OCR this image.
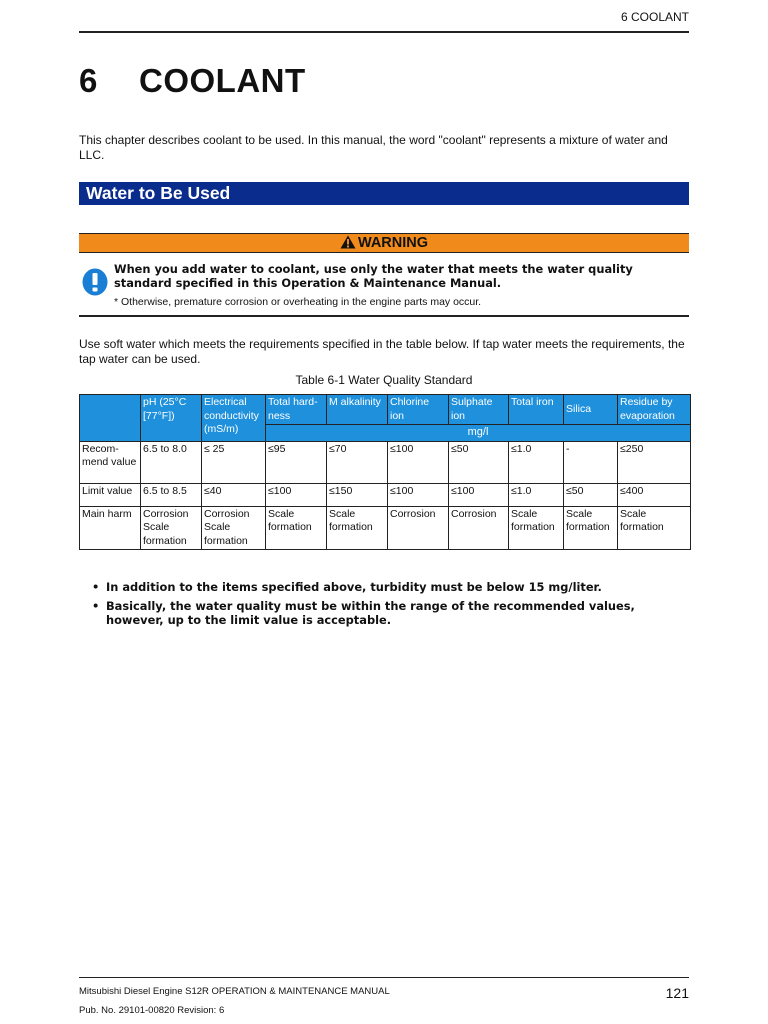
6 COOLANT
6 COOLANT
This chapter describes coolant to be used. In this manual, the word "coolant" represents a mixture of water and LLC.
Water to Be Used
WARNING
When you add water to coolant, use only the water that meets the water quality standard specified in this Operation & Maintenance Manual.
* Otherwise, premature corrosion or overheating in the engine parts may occur.
Use soft water which meets the requirements specified in the table below. If tap water meets the requirements, the tap water can be used.
Table 6-1 Water Quality Standard
	pH (25°C [77°F])	Electrical conductivity (mS/m)	Total hard- ness	M alkalinity	Chlorine ion	Sulphate ion	Total iron	Silica	Residue by evaporation
			mg/l						
Recom- mend value	6.5 to 8.0	≤ 25	≤95	≤70	≤100	≤50	≤1.0	-	≤250
Limit value	6.5 to 8.5	≤40	≤100	≤150	≤100	≤100	≤1.0	≤50	≤400
Main harm	Corrosion Scale formation	Corrosion Scale formation	Scale formation	Scale formation	Corrosion	Corrosion	Scale formation	Scale formation	Scale formation
• In addition to the items specified above, turbidity must be below 15 mg/liter.
• Basically, the water quality must be within the range of the recommended values, however, up to the limit value is acceptable.
Mitsubishi Diesel Engine S12R OPERATION & MAINTENANCE MANUAL
Pub. No. 29101-00820 Revision: 6
121
